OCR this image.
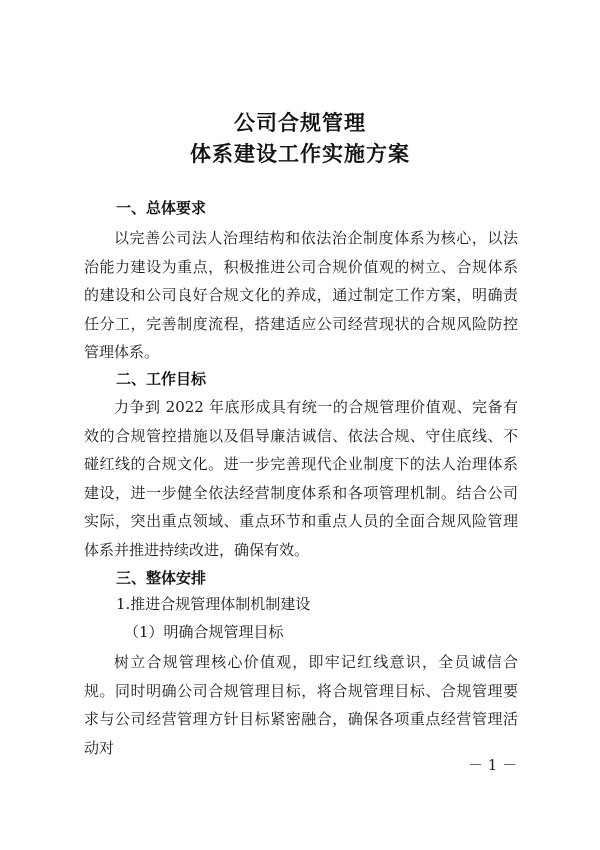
公司合规管理
体系建设工作实施方案
一、总体要求

以完善公司法人治理结构和依法治企制度体系为核心，以法治能力建设为重点，积极推进公司合规价值观的树立、合规体系的建设和公司良好合规文化的养成，通过制定工作方案，明确责任分工，完善制度流程，搭建适应公司经营现状的合规风险防控管理体系。

二、工作目标

力争到 2022 年底形成具有统一的合规管理价值观、完备有效的合规管控措施以及倡导廉洁诚信、依法合规、守住底线、不碰红线的合规文化。进一步完善现代企业制度下的法人治理体系建设，进一步健全依法经营制度体系和各项管理机制。结合公司实际，突出重点领域、重点环节和重点人员的全面合规风险管理体系并推进持续改进，确保有效。

三、整体安排
1.推进合规管理体制机制建设
（1）明确合规管理目标

树立合规管理核心价值观，即牢记红线意识，全员诚信合规。同时明确公司合规管理目标，将合规管理目标、合规管理要求与公司经营管理方针目标紧密融合，确保各项重点经营管理活动对

－ 1 －
